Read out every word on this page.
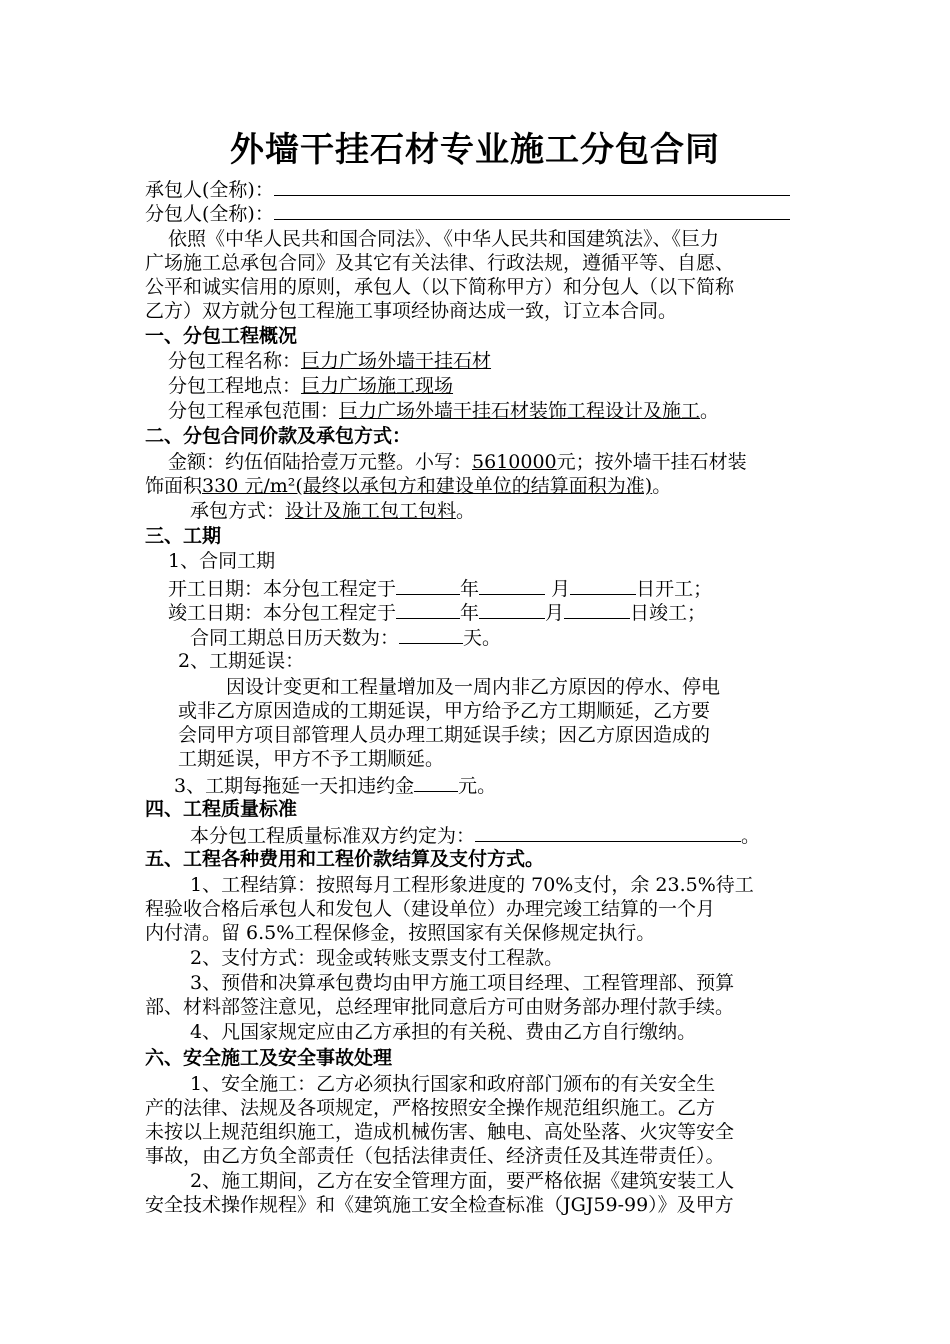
外墙干挂石材专业施工分包合同
承包人(全称)：
分包人(全称)：
依照《中华人民共和国合同法》、《中华人民共和国建筑法》、《巨力
广场施工总承包合同》及其它有关法律、行政法规，遵循平等、自愿、
公平和诚实信用的原则，承包人（以下简称甲方）和分包人（以下简称
乙方）双方就分包工程施工事项经协商达成一致，订立本合同。
一、分包工程概况
分包工程名称：巨力广场外墙干挂石材
分包工程地点：巨力广场施工现场
分包工程承包范围：巨力广场外墙干挂石材装饰工程设计及施工。
二、分包合同价款及承包方式：
金额：约伍佰陆拾壹万元整。小写：5610000元；按外墙干挂石材装
饰面积330 元/m²(最终以承包方和建设单位的结算面积为准)。
承包方式：设计及施工包工包料。
三、工期
1、合同工期
开工日期：本分包工程定于	年	月	日开工；
竣工日期：本分包工程定于	年	月	日竣工；
合同工期总日历天数为：	天。
2、工期延误：
因设计变更和工程量增加及一周内非乙方原因的停水、停电
或非乙方原因造成的工期延误，甲方给予乙方工期顺延，乙方要
会同甲方项目部管理人员办理工期延误手续；因乙方原因造成的
工期延误，甲方不予工期顺延。
3、工期每拖延一天扣违约金 元。
四、工程质量标准
本分包工程质量标准双方约定为：	。
五、工程各种费用和工程价款结算及支付方式。
1、工程结算：按照每月工程形象进度的 70%支付，余 23.5%待工
程验收合格后承包人和发包人（建设单位）办理完竣工结算的一个月
内付清。留 6.5%工程保修金，按照国家有关保修规定执行。
2、支付方式：现金或转账支票支付工程款。
3、预借和决算承包费均由甲方施工项目经理、工程管理部、预算
部、材料部签注意见，总经理审批同意后方可由财务部办理付款手续。
4、凡国家规定应由乙方承担的有关税、费由乙方自行缴纳。
六、安全施工及安全事故处理
1、安全施工：乙方必须执行国家和政府部门颁布的有关安全生
产的法律、法规及各项规定，严格按照安全操作规范组织施工。乙方
未按以上规范组织施工，造成机械伤害、触电、高处坠落、火灾等安全
事故，由乙方负全部责任（包括法律责任、经济责任及其连带责任）。
2、施工期间，乙方在安全管理方面，要严格依据《建筑安装工人
安全技术操作规程》和《建筑施工安全检查标准（JGJ59-99）》及甲方
